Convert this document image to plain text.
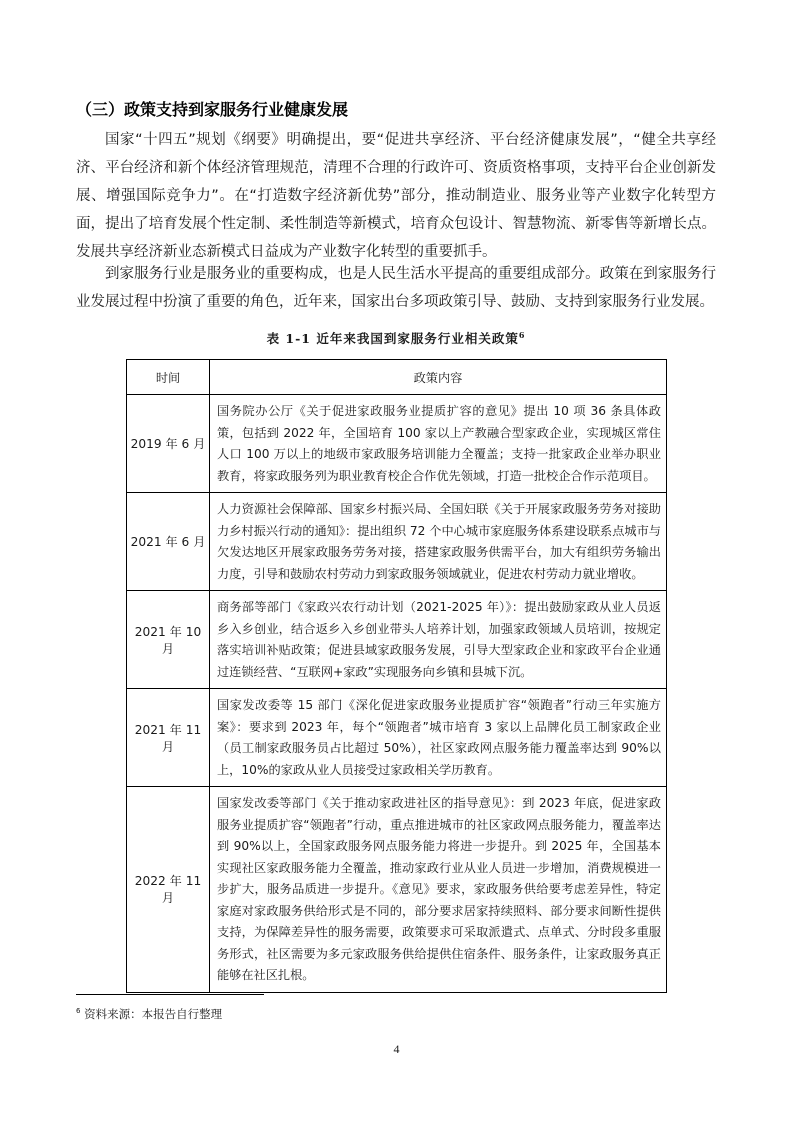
（三）政策支持到家服务行业健康发展

国家“十四五”规划《纲要》明确提出，要“促进共享经济、平台经济健康发展”，“健全共享经济、平台经济和新个体经济管理规范，清理不合理的行政许可、资质资格事项，支持平台企业创新发展、增强国际竞争力”。在“打造数字经济新优势”部分，推动制造业、服务业等产业数字化转型方面，提出了培育发展个性定制、柔性制造等新模式，培育众包设计、智慧物流、新零售等新增长点。发展共享经济新业态新模式日益成为产业数字化转型的重要抓手。

到家服务行业是服务业的重要构成，也是人民生活水平提高的重要组成部分。政策在到家服务行业发展过程中扮演了重要的角色，近年来，国家出台多项政策引导、鼓励、支持到家服务行业发展。

表 1-1 近年来我国到家服务行业相关政策$^6$
时间	政策内容
2019 年 6 月	国务院办公厅《关于促进家政服务业提质扩容的意见》提出 10 项 36 条具体政策，包括到 2022 年，全国培育 100 家以上产教融合型家政企业，实现城区常住人口 100 万以上的地级市家政服务培训能力全覆盖；支持一批家政企业举办职业教育，将家政服务列为职业教育校企合作优先领域，打造一批校企合作示范项目。
2021 年 6 月	人力资源社会保障部、国家乡村振兴局、全国妇联《关于开展家政服务劳务对接助力乡村振兴行动的通知》：提出组织 72 个中心城市家庭服务体系建设联系点城市与欠发达地区开展家政服务劳务对接，搭建家政服务供需平台，加大有组织劳务输出力度，引导和鼓励农村劳动力到家政服务领域就业，促进农村劳动力就业增收。
2021 年 10 月	商务部等部门《家政兴农行动计划（2021-2025 年）》：提出鼓励家政从业人员返乡入乡创业，结合返乡入乡创业带头人培养计划，加强家政领域人员培训，按规定落实培训补贴政策；促进县域家政服务发展，引导大型家政企业和家政平台企业通过连锁经营、“互联网+家政”实现服务向乡镇和县城下沉。
2021 年 11 月	国家发改委等 15 部门《深化促进家政服务业提质扩容“领跑者”行动三年实施方案》：要求到 2023 年，每个“领跑者”城市培育 3 家以上品牌化员工制家政企业（员工制家政服务员占比超过 50%），社区家政网点服务能力覆盖率达到 90%以上，10%的家政从业人员接受过家政相关学历教育。
2022 年 11 月	国家发改委等部门《关于推动家政进社区的指导意见》：到 2023 年底，促进家政服务业提质扩容“领跑者”行动，重点推进城市的社区家政网点服务能力，覆盖率达到 90%以上，全国家政服务网点服务能力将进一步提升。到 2025 年，全国基本实现社区家政服务能力全覆盖，推动家政行业从业人员进一步增加，消费规模进一步扩大，服务品质进一步提升。《意见》要求，家政服务供给要考虑差异性，特定家庭对家政服务供给形式是不同的，部分要求居家持续照料、部分要求间断性提供支持，为保障差异性的服务需要，政策要求可采取派遣式、点单式、分时段多重服务形式，社区需要为多元家政服务供给提供住宿条件、服务条件，让家政服务真正能够在社区扎根。
$^6$ 资料来源：本报告自行整理
4
